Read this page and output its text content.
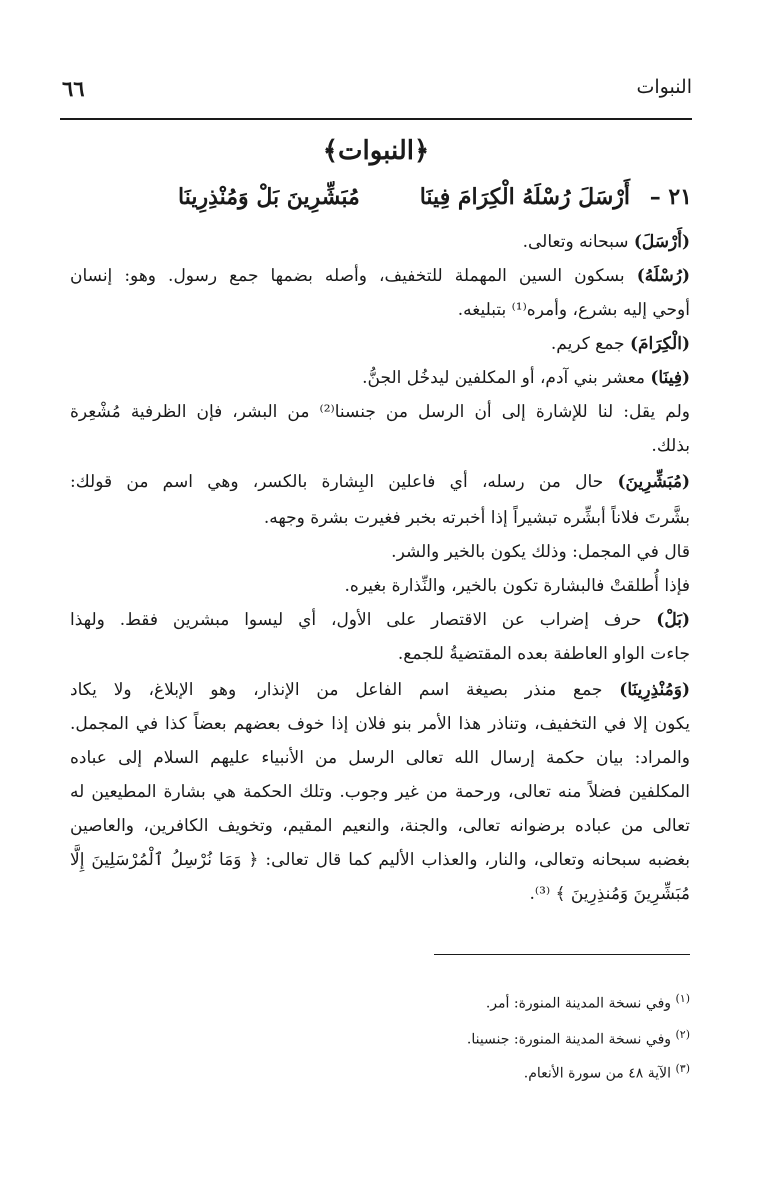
النبوات
٦٦
﴿النبوات﴾
٢١ –
أَرْسَلَ رُسْلَهُ الْكِرَامَ فِينَا
مُبَشِّرِينَ بَلْ وَمُنْذِرِينَا
(أَرْسَلَ) سبحانه وتعالى.
(رُسْلَهُ) بسكون السين المهملة للتخفيف، وأصله بضمها جمع رسول. وهو: إنسان
أوحي إليه بشرع، وأمره⁽¹⁾ بتبليغه.
(الْكِرَامَ) جمع كريم.
(فِينَا) معشر بني آدم، أو المكلفين ليدخُل الجنُّ.
ولم يقل: لنا للإشارة إلى أن الرسل من جنسنا⁽²⁾ من البشر، فإن الظرفية مُشْعِرة
بذلك.
(مُبَشِّرِينَ) حال من رسله، أي فاعلين البِشارة بالكسر، وهي اسم من قولك:
بشَّرتَ فلاناً أبشِّره تبشيراً إذا أخبرته بخبر فغيرت بشرة وجهه.
قال في المجمل: وذلك يكون بالخير والشر.
فإذا أُطلقتْ فالبشارة تكون بالخير، والنِّذارة بغيره.
(بَلْ) حرف إضراب عن الاقتصار على الأول، أي ليسوا مبشرين فقط. ولهذا
جاءت الواو العاطفة بعده المقتضيةُ للجمع.
(وَمُنْذِرِينَا) جمع منذر بصيغة اسم الفاعل من الإنذار، وهو الإبلاغ، ولا يكاد
يكون إلا في التخفيف، وتناذر هذا الأمر بنو فلان إذا خوف بعضهم بعضاً كذا في المجمل.
والمراد: بيان حكمة إرسال الله تعالى الرسل من الأنبياء عليهم السلام إلى عباده
المكلفين فضلاً منه تعالى، ورحمة من غير وجوب. وتلك الحكمة هي بشارة المطيعين له
تعالى من عباده برضوانه تعالى، والجنة، والنعيم المقيم، وتخويف الكافرين، والعاصين
بغضبه سبحانه وتعالى، والنار، والعذاب الأليم كما قال تعالى: ﴿ وَمَا نُرْسِلُ ٱلْمُرْسَلِينَ إِلَّا
مُبَشِّرِينَ وَمُنذِرِينَ ﴾ ⁽³⁾.
$^{(١)}$ وفي نسخة المدينة المنورة: أمر.
$^{(٢)}$ وفي نسخة المدينة المنورة: جنسينا.
$^{(٣)}$ الآية ٤٨ من سورة الأنعام.
